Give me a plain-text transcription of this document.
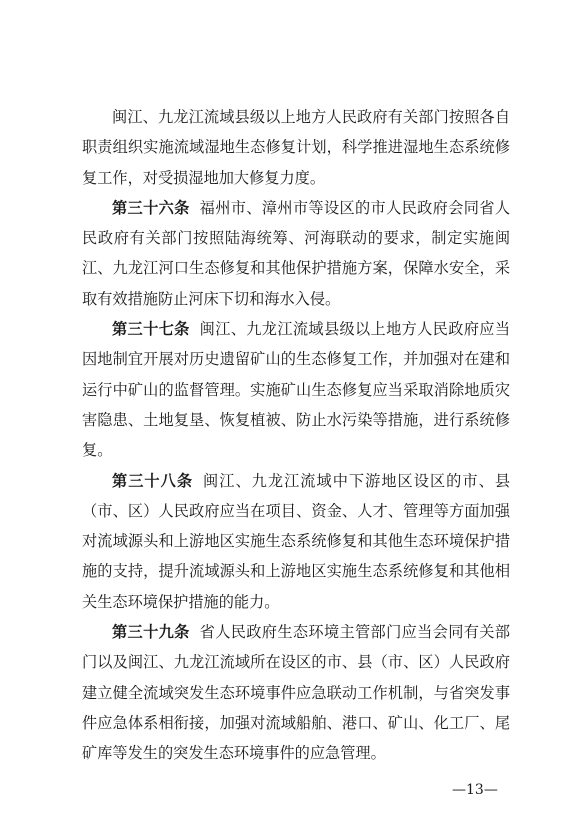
闽江、九龙江流域县级以上地方人民政府有关部门按照各自职责组织实施流域湿地生态修复计划，科学推进湿地生态系统修复工作，对受损湿地加大修复力度。

第三十六条 福州市、漳州市等设区的市人民政府会同省人民政府有关部门按照陆海统筹、河海联动的要求，制定实施闽江、九龙江河口生态修复和其他保护措施方案，保障水安全，采取有效措施防止河床下切和海水入侵。

第三十七条 闽江、九龙江流域县级以上地方人民政府应当因地制宜开展对历史遗留矿山的生态修复工作，并加强对在建和运行中矿山的监督管理。实施矿山生态修复应当采取消除地质灾害隐患、土地复垦、恢复植被、防止水污染等措施，进行系统修复。

第三十八条 闽江、九龙江流域中下游地区设区的市、县（市、区）人民政府应当在项目、资金、人才、管理等方面加强对流域源头和上游地区实施生态系统修复和其他生态环境保护措施的支持，提升流域源头和上游地区实施生态系统修复和其他相关生态环境保护措施的能力。

第三十九条 省人民政府生态环境主管部门应当会同有关部门以及闽江、九龙江流域所在设区的市、县（市、区）人民政府建立健全流域突发生态环境事件应急联动工作机制，与省突发事件应急体系相衔接，加强对流域船舶、港口、矿山、化工厂、尾矿库等发生的突发生态环境事件的应急管理。

—13—
